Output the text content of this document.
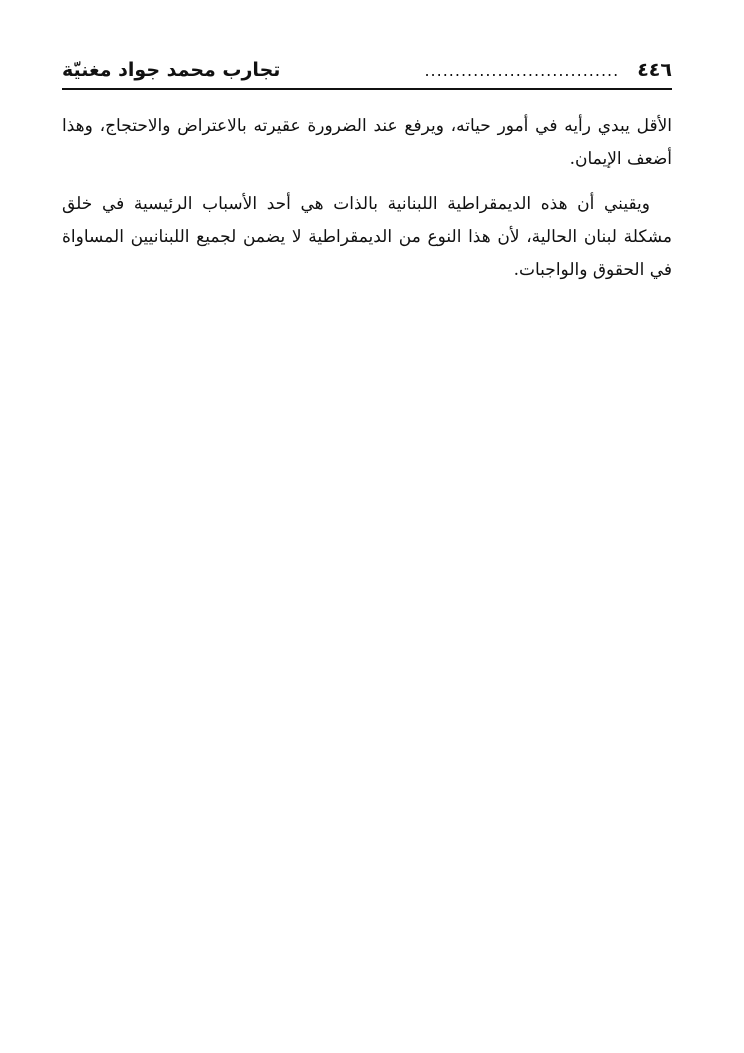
٤٤٦
................................
تجارب محمد جواد مغنيّة

الأقل يبدي رأيه في أمور حياته، ويرفع عند الضرورة عقيرته بالاعتراض والاحتجاج، وهذا أضعف الإيمان.

ويقيني أن هذه الديمقراطية اللبنانية بالذات هي أحد الأسباب الرئيسية في خلق مشكلة لبنان الحالية، لأن هذا النوع من الديمقراطية لا يضمن لجميع اللبنانيين المساواة في الحقوق والواجبات.
